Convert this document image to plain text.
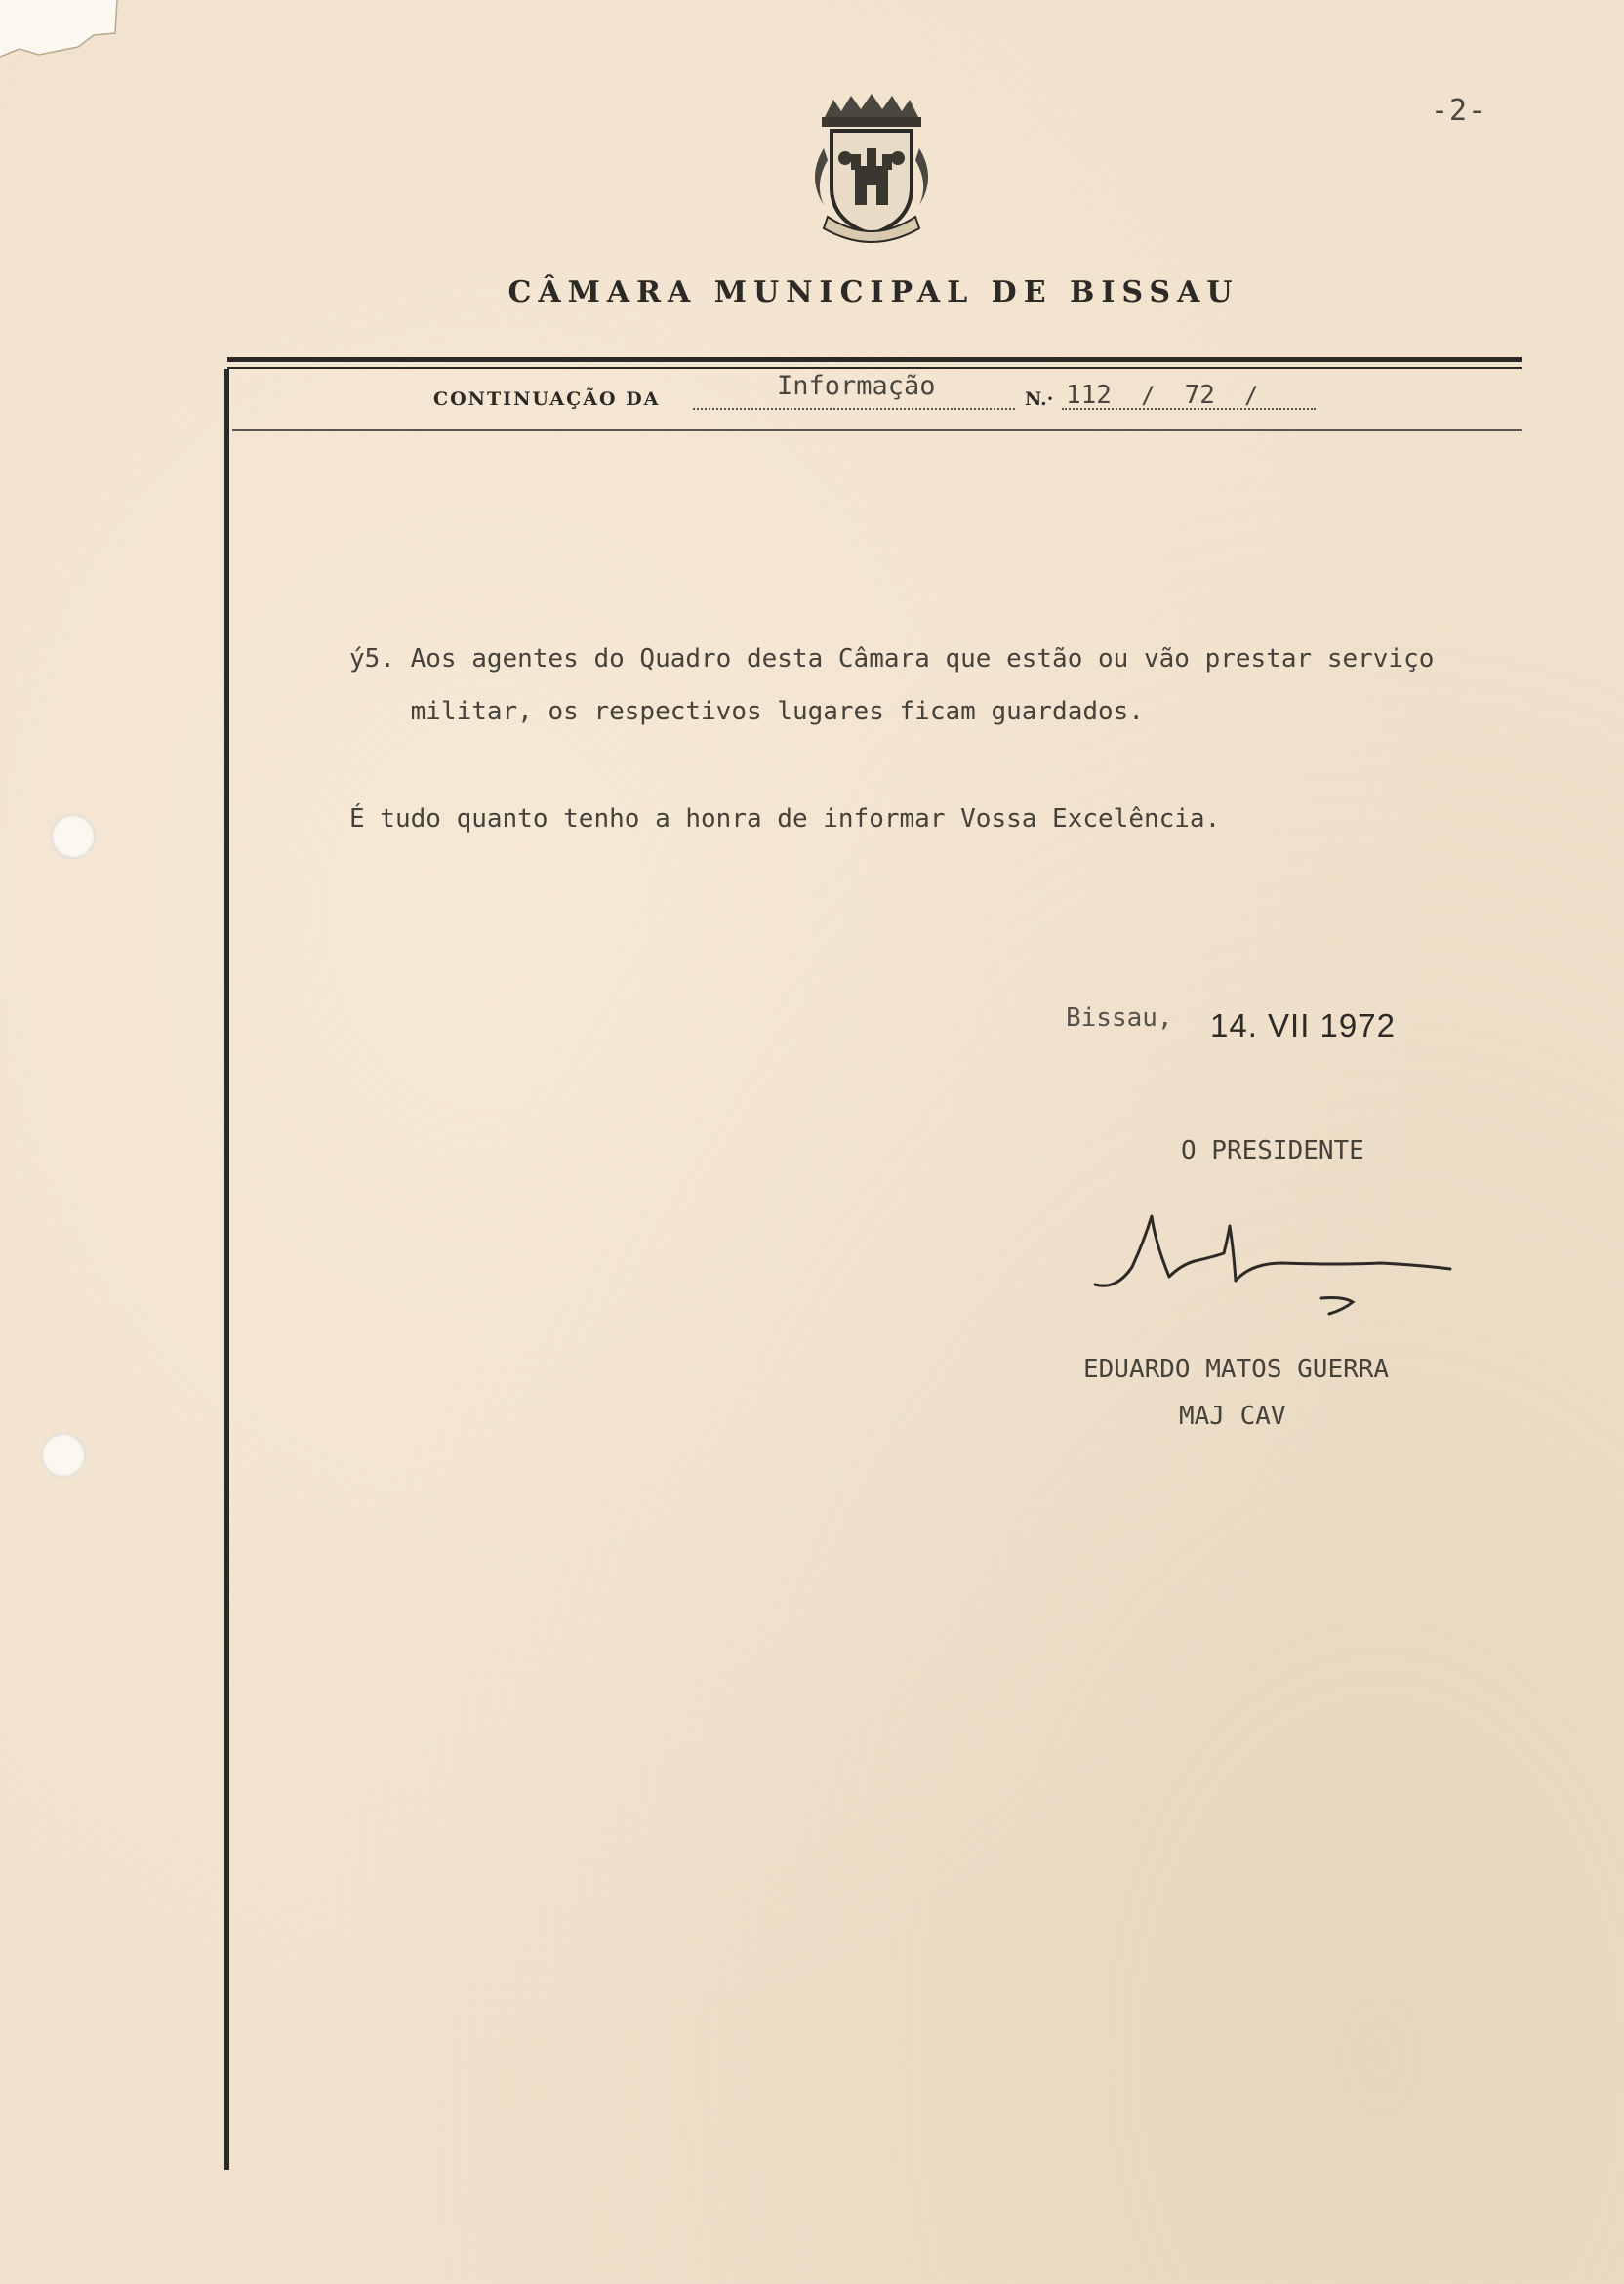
-2-
CÂMARA MUNICIPAL DE BISSAU
CONTINUAÇÃO DA	Informação	N.· 112  /  72  /
ý5. Aos agentes do Quadro desta Câmara que estão ou vão prestar serviço
militar, os respectivos lugares ficam guardados.
É tudo quanto tenho a honra de informar Vossa Excelência.
Bissau, 14. VII 1972
O PRESIDENTE
EDUARDO MATOS GUERRA
MAJ CAV
